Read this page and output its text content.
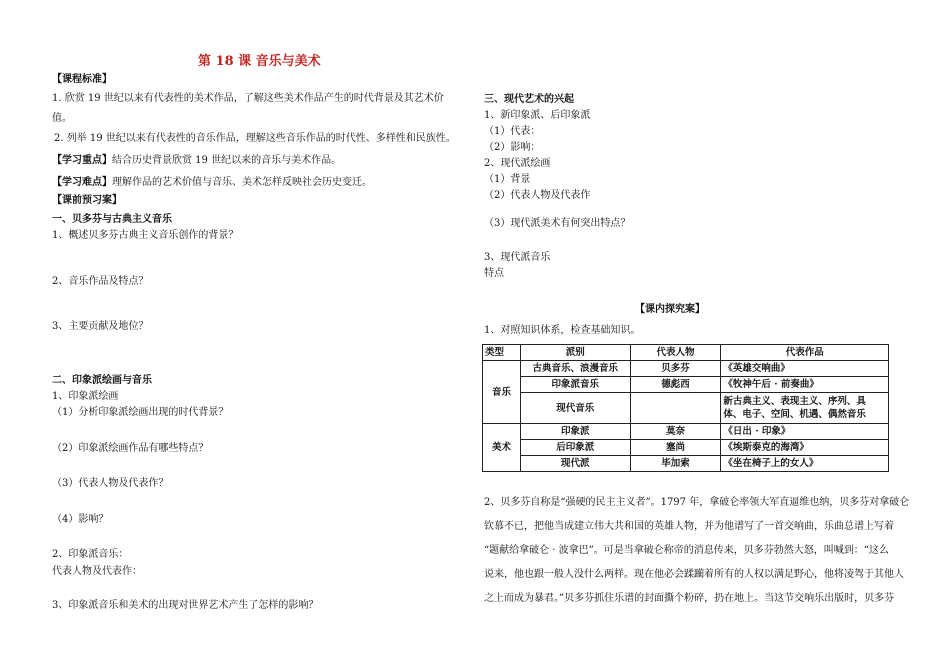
第 18 课 音乐与美术
【课程标准】
1. 欣赏 19 世纪以来有代表性的美术作品，了解这些美术作品产生的时代背景及其艺术价
值。
2. 列举 19 世纪以来有代表性的音乐作品，理解这些音乐作品的时代性、多样性和民族性。
【学习重点】结合历史背景欣赏 19 世纪以来的音乐与美术作品。
【学习难点】理解作品的艺术价值与音乐、美术怎样反映社会历史变迁。
【课前预习案】
一、贝多芬与古典主义音乐
1、概述贝多芬古典主义音乐创作的背景？
2、音乐作品及特点？
3、主要贡献及地位？
二、印象派绘画与音乐
1、印象派绘画
（1）分析印象派绘画出现的时代背景？
（2）印象派绘画作品有哪些特点？
（3）代表人物及代表作？
（4）影响？
2、印象派音乐：
代表人物及代表作：
3、印象派音乐和美术的出现对世界艺术产生了怎样的影响？
三、现代艺术的兴起
1、新印象派、后印象派
（1）代表：
（2）影响：
2、现代派绘画
（1）背景
（2）代表人物及代表作
（3）现代派美术有何突出特点？
3、现代派音乐
特点
【课内探究案】
1、对照知识体系，检查基础知识。
类型	派别	代表人物	代表作品
音乐	古典音乐、浪漫音乐	贝多芬	《英雄交响曲》
	印象派音乐	德彪西	《牧神午后 · 前奏曲》
	现代音乐		新古典主义、表现主义、序列、具
体、电子、空间、机遇、偶然音乐

美术	印象派	莫奈	《日出 · 印象》
	后印象派	塞尚	《埃斯泰克的海湾》
	现代派	毕加索	《坐在椅子上的女人》
2、贝多芬自称是“强硬的民主主义者”。1797 年，拿破仑率领大军直逼维也纳，贝多芬对拿破仑
钦慕不已，把他当成建立伟大共和国的英雄人物，并为他谱写了一首交响曲，乐曲总谱上写着
“题献给拿破仑 · 波拿巴”。可是当拿破仑称帝的消息传来，贝多芬勃然大怒，叫喊到：“这么
说来，他也跟一般人没什么两样。现在他必会蹂躏着所有的人权以满足野心，他将凌驾于其他人
之上而成为暴君。”贝多芬抓住乐谱的封面撕个粉碎，扔在地上。当这节交响乐出版时，贝多芬
